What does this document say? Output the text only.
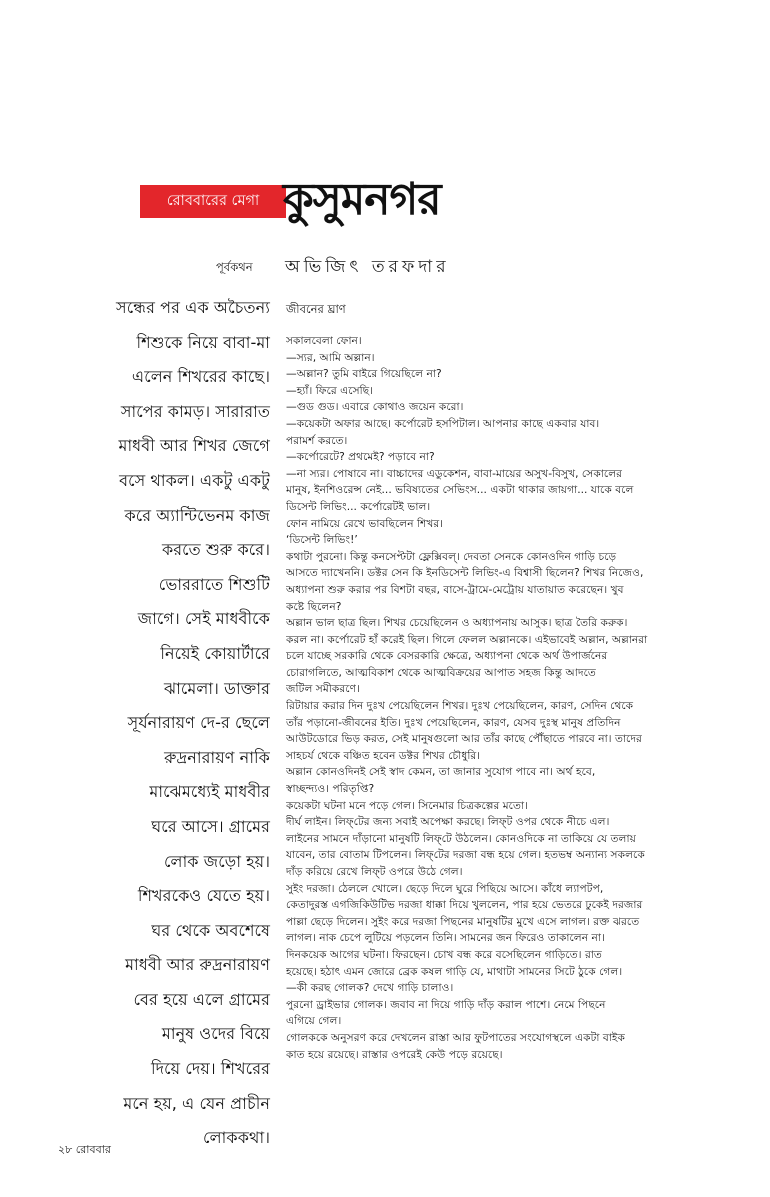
রোববারের মেগা কুসুমনগর
পূর্বকথন	অভিজিৎ তরফদার

সন্ধের পর এক অচৈতন্য

শিশুকে নিয়ে বাবা-মা

এলেন শিখরের কাছে।

সাপের কামড়। সারারাত

মাধবী আর শিখর জেগে

বসে থাকল। একটু একটু

করে অ্যান্টিভেনম কাজ

করতে শুরু করে।

ভোররাতে শিশুটি

জাগে। সেই মাধবীকে

নিয়েই কোয়ার্টারে

ঝামেলা। ডাক্তার

সূর্যনারায়ণ দে-র ছেলে

রুদ্রনারায়ণ নাকি

মাঝেমধ্যেই মাধবীর

ঘরে আসে। গ্রামের

লোক জড়ো হয়।

শিখরকেও যেতে হয়।

ঘর থেকে অবশেষে

মাধবী আর রুদ্রনারায়ণ

বের হয়ে এলে গ্রামের

মানুষ ওদের বিয়ে

দিয়ে দেয়। শিখরের

মনে হয়, এ যেন প্রাচীন

লোককথা।

জীবনের ঘ্রাণ

সকালবেলা ফোন।

—স্যর, আমি অল্লান।

—অল্লান? তুমি বাইরে গিয়েছিলে না?

—হ্যাঁ। ফিরে এসেছি।

—গুড গুড। এবারে কোথাও জয়েন করো।

—কয়েকটা অফার আছে। কর্পোরেট হসপিটাল। আপনার কাছে একবার যাব।

পরামর্শ করতে।

—কর্পোরেটে? প্রথমেই? পড়াবে না?

—না স্যর। পোষাবে না। বাচ্চাদের এডুকেশন, বাবা-মায়ের অসুখ-বিসুখ, সেকালের

মানুষ, ইনশিওরেন্স নেই... ভবিষ্যতের সেভিংস... একটা থাকার জায়গা... যাকে বলে

ডিসেন্ট লিভিং... কর্পোরেটই ভাল।

ফোন নামিয়ে রেখে ভাবছিলেন শিখর।

‘ডিসেন্ট লিভিং!’

কথাটা পুরনো। কিন্তু কনসেপ্টটা ফ্লেক্সিবল্‌। দেবতা সেনকে কোনওদিন গাড়ি চড়ে

আসতে দ্যাখেননি। ডক্টর সেন কি ইনডিসেন্ট লিভিং-এ বিশ্বাসী ছিলেন? শিখর নিজেও,

অধ্যাপনা শুরু করার পর বিশটা বছর, বাসে-ট্রামে-মেট্রোয় যাতায়াত করেছেন। খুব

কষ্টে ছিলেন?

অল্লান ভাল ছাত্র ছিল। শিখর চেয়েছিলেন ও অধ্যাপনায় আসুক। ছাত্র তৈরি করুক।

করল না। কর্পোরেট হাঁ করেই ছিল। গিলে ফেলল অল্লানকে। এইভাবেই অল্লান, অল্লানরা

চলে যাচ্ছে সরকারি থেকে বেসরকারি ক্ষেত্রে, অধ্যাপনা থেকে অর্থ উপার্জনের

চোরাগলিতে, আত্মবিকাশ থেকে আত্মবিক্রয়ের আপাত সহজ কিন্তু আদতে

জটিল সমীকরণে।

রিটায়ার করার দিন দুঃখ পেয়েছিলেন শিখর। দুঃখ পেয়েছিলেন, কারণ, সেদিন থেকে

তাঁর পড়ানো-জীবনের ইতি। দুঃখ পেয়েছিলেন, কারণ, যেসব দুঃস্থ মানুষ প্রতিদিন

আউটডোরে ভিড় করত, সেই মানুষগুলো আর তাঁর কাছে পৌঁছাতে পারবে না। তাদের

সাহচর্য থেকে বঞ্চিত হবেন ডক্টর শিখর চৌধুরি।

অল্লান কোনওদিনই সেই স্বাদ কেমন, তা জানার সুযোগ পাবে না। অর্থ হবে,

স্বাচ্ছন্দ্যও। পরিতৃপ্তি?

কয়েকটা ঘটনা মনে পড়ে গেল। সিনেমার চিত্রকল্পের মতো।

দীর্ঘ লাইন। লিফ্‌টের জন্য সবাই অপেক্ষা করছে। লিফ্‌ট ওপর থেকে নীচে এল।

লাইনের সামনে দাঁড়ানো মানুষটি লিফ্‌টে উঠলেন। কোনওদিকে না তাকিয়ে যে তলায়

যাবেন, তার বোতাম টিপলেন। লিফ্‌টের দরজা বন্ধ হয়ে গেল। হতভম্ব অন্যান্য সকলকে

দাঁড় করিয়ে রেখে লিফ্‌ট ওপরে উঠে গেল।

সুইং দরজা। ঠেললে খোলে। ছেড়ে দিলে ঘুরে পিছিয়ে আসে। কাঁধে ল্যাপটপ,

কেতাদুরস্ত এগজিকিউটিভ দরজা ধাক্কা দিয়ে খুললেন, পার হয়ে ভেতরে ঢুকেই দরজার

পাল্লা ছেড়ে দিলেন। সুইং করে দরজা পিছনের মানুষটির মুখে এসে লাগল। রক্ত ঝরতে

লাগল। নাক চেপে লুটিয়ে পড়লেন তিনি। সামনের জন ফিরেও তাকালেন না।

দিনকয়েক আগের ঘটনা। ফিরছেন। চোখ বন্ধ করে বসেছিলেন গাড়িতে। রাত

হয়েছে। হঠাৎ এমন জোরে ব্রেক কষল গাড়ি যে, মাথাটা সামনের সিটে ঠুকে গেল।

—কী করছ গোলক? দেখে গাড়ি চালাও।

পুরনো ড্রাইভার গোলক। জবাব না দিয়ে গাড়ি দাঁড় করাল পাশে। নেমে পিছনে

এগিয়ে গেল।

গোলককে অনুসরণ করে দেখলেন রাস্তা আর ফুটপাতের সংযোগস্থলে একটা বাইক

কাত হয়ে রয়েছে। রাস্তার ওপরেই কেউ পড়ে রয়েছে।

২৮ রোববার
